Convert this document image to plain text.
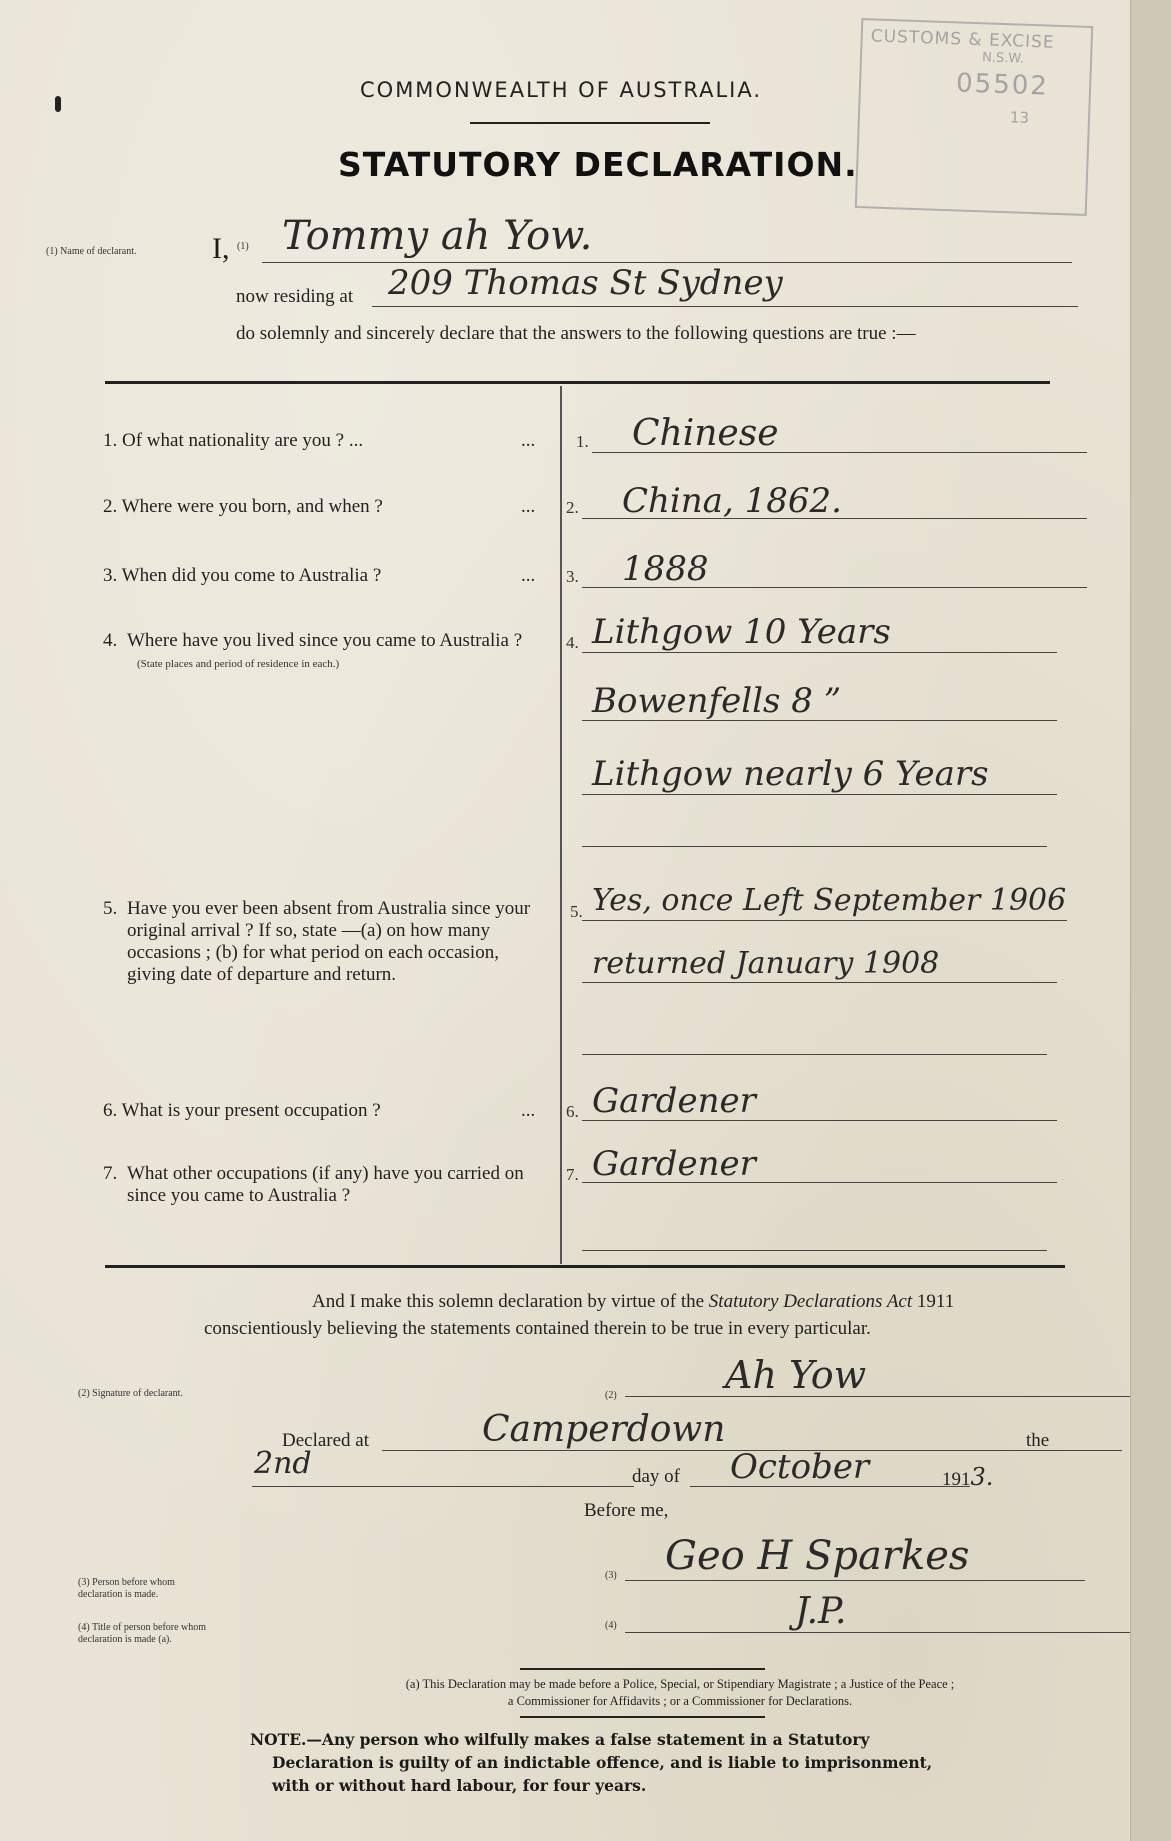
COMMONWEALTH OF AUSTRALIA.
STATUTORY DECLARATION.
CUSTOMS & EXCISE
N.S.W.
05502
13
(1) Name of declarant.	I, (1) Tommy ah Yow.
now residing at	209 Thomas St Sydney
do solemnly and sincerely declare that the answers to the following questions are true :—
1. Of what nationality are you ? ...	... 1.	Chinese
2. Where were you born, and when ?	... 2.	China, 1862.
3. When did you come to Australia ?	... 3.	1888
4. Where have you lived since you came to Australia ?
(State places and period of residence in each.)
4. Lithgow 10 Years
Bowenfells 8 ”
Lithgow nearly 6 Years
5. Have you ever been absent from Australia since your original arrival ? If so, state —(a) on how many occasions ; (b) for what period on each occasion, giving date of departure and return.
5. Yes, once Left September 1906
returned January 1908
6. What is your present occupation ?	... 6. Gardener
7. What other occupations (if any) have you carried on since you came to Australia ?
7. Gardener
And I make this solemn declaration by virtue of the Statutory Declarations Act 1911 conscientiously believing the statements contained therein to be true in every particular.
(2) Signature of declarant.	(2)	Ah Yow
Declared at	Camperdown	the
2nd	day of	October	1913.
Before me,
(3) Person before whom declaration is made.
(3)	Geo H Sparkes
(4) Title of person before whom declaration is made (a).
(4)	J.P.
(a) This Declaration may be made before a Police, Special, or Stipendiary Magistrate ; a Justice of the Peace ;
a Commissioner for Affidavits ; or a Commissioner for Declarations.
NOTE.—Any person who wilfully makes a false statement in a Statutory
Declaration is guilty of an indictable offence, and is liable to imprisonment,
with or without hard labour, for four years.
